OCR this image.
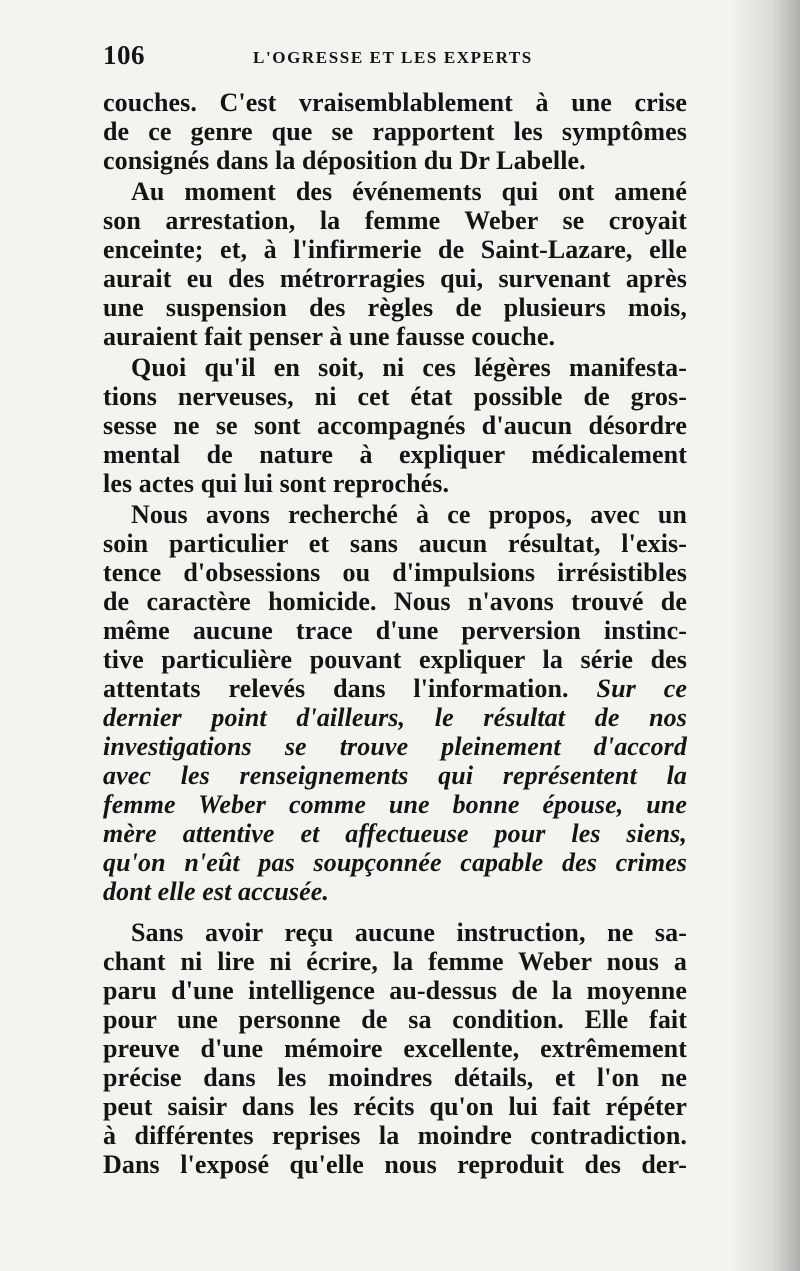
106	L'OGRESSE ET LES EXPERTS
couches. C'est vraisemblablement à une crise
de ce genre que se rapportent les symptômes
consignés dans la déposition du Dr Labelle.
Au moment des événements qui ont amené
son arrestation, la femme Weber se croyait
enceinte; et, à l'infirmerie de Saint-Lazare, elle
aurait eu des métrorragies qui, survenant après
une suspension des règles de plusieurs mois,
auraient fait penser à une fausse couche.
Quoi qu'il en soit, ni ces légères manifesta-
tions nerveuses, ni cet état possible de gros-
sesse ne se sont accompagnés d'aucun désordre
mental de nature à expliquer médicalement
les actes qui lui sont reprochés.
Nous avons recherché à ce propos, avec un
soin particulier et sans aucun résultat, l'exis-
tence d'obsessions ou d'impulsions irrésistibles
de caractère homicide. Nous n'avons trouvé de
même aucune trace d'une perversion instinc-
tive particulière pouvant expliquer la série des
attentats relevés dans l'information. Sur ce
dernier point d'ailleurs, le résultat de nos
investigations se trouve pleinement d'accord
avec les renseignements qui représentent la
femme Weber comme une bonne épouse, une
mère attentive et affectueuse pour les siens,
qu'on n'eût pas soupçonnée capable des crimes
dont elle est accusée.
Sans avoir reçu aucune instruction, ne sa-
chant ni lire ni écrire, la femme Weber nous a
paru d'une intelligence au-dessus de la moyenne
pour une personne de sa condition. Elle fait
preuve d'une mémoire excellente, extrêmement
précise dans les moindres détails, et l'on ne
peut saisir dans les récits qu'on lui fait répéter
à différentes reprises la moindre contradiction.
Dans l'exposé qu'elle nous reproduit des der-
